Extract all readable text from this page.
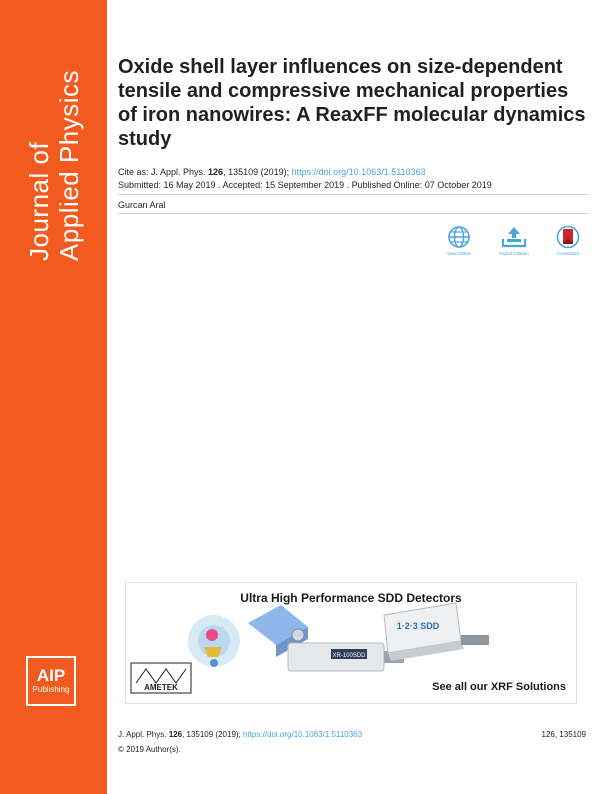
Journal of Applied Physics
AIP
Publishing
Oxide shell layer influences on size-dependent tensile and compressive mechanical properties of iron nanowires: A ReaxFF molecular dynamics study
Cite as: J. Appl. Phys. 126, 135109 (2019); https://doi.org/10.1063/1.5110363
Submitted: 16 May 2019 . Accepted: 15 September 2019 . Published Online: 07 October 2019
Gurcan Aral
View Online	Export Citation	CrossMark
AMETEK
1·2·3 SDD
XR-100SDD
Ultra High Performance SDD Detectors
See all our XRF Solutions
J. Appl. Phys. 126, 135109 (2019); https://doi.org/10.1063/1.5110363	126, 135109
© 2019 Author(s).
